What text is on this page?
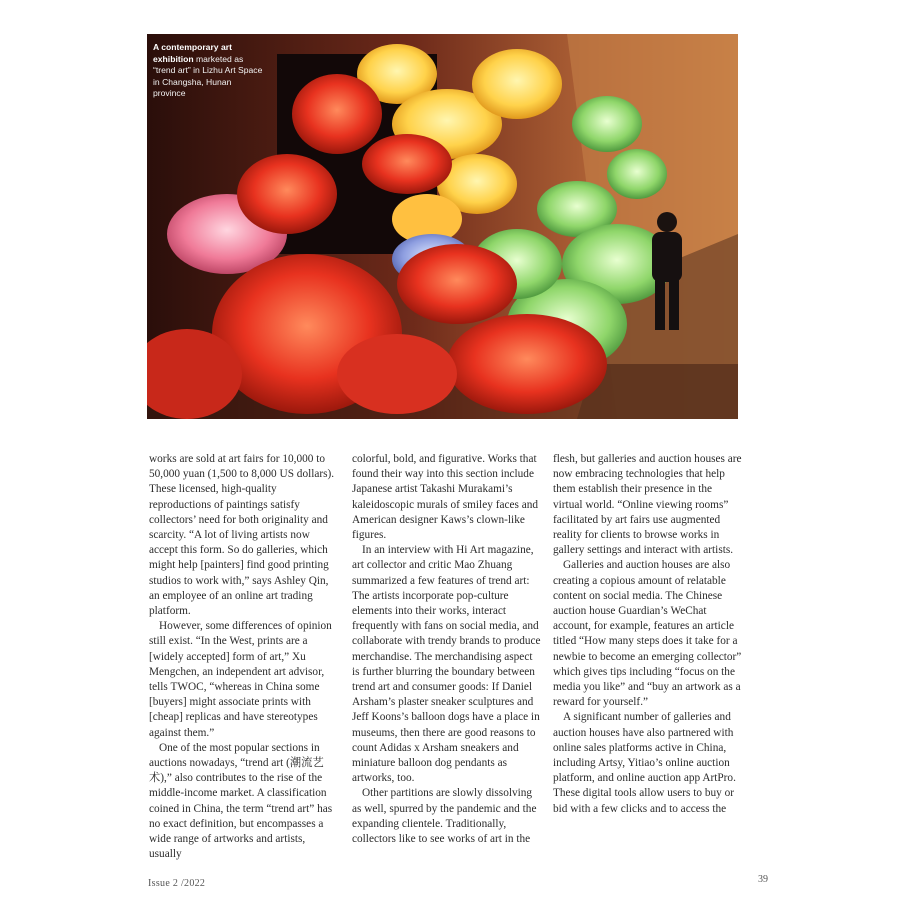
A contemporary art exhibition marketed as “trend art” in Lizhu Art Space in Changsha, Hunan province

works are sold at art fairs for 10,000 to 50,000 yuan (1,500 to 8,000 US dollars). These licensed, high-quality reproductions of paintings satisfy collectors’ need for both originality and scarcity. “A lot of living artists now accept this form. So do galleries, which might help [painters] find good printing studios to work with,” says Ashley Qin, an employee of an online art trading platform.

However, some differences of opinion still exist. “In the West, prints are a [widely accepted] form of art,” Xu Mengchen, an independent art advisor, tells TWOC, “whereas in China some [buyers] might associate prints with [cheap] replicas and have stereotypes against them.”

One of the most popular sections in auctions nowadays, “trend art (潮流艺术),” also contributes to the rise of the middle-income market. A classification coined in China, the term “trend art” has no exact definition, but encompasses a wide range of artworks and artists, usually

colorful, bold, and figurative. Works that found their way into this section include Japanese artist Takashi Murakami’s kaleidoscopic murals of smiley faces and American designer Kaws’s clown-like figures.

In an interview with Hi Art magazine, art collector and critic Mao Zhuang summarized a few features of trend art: The artists incorporate pop-culture elements into their works, interact frequently with fans on social media, and collaborate with trendy brands to produce merchandise. The merchandising aspect is further blurring the boundary between trend art and consumer goods: If Daniel Arsham’s plaster sneaker sculptures and Jeff Koons’s balloon dogs have a place in museums, then there are good reasons to count Adidas x Arsham sneakers and miniature balloon dog pendants as artworks, too.

Other partitions are slowly dissolving as well, spurred by the pandemic and the expanding clientele. Traditionally, collectors like to see works of art in the

flesh, but galleries and auction houses are now embracing technologies that help them establish their presence in the virtual world. “Online viewing rooms” facilitated by art fairs use augmented reality for clients to browse works in gallery settings and interact with artists.

Galleries and auction houses are also creating a copious amount of relatable content on social media. The Chinese auction house Guardian’s WeChat account, for example, features an article titled “How many steps does it take for a newbie to become an emerging collector” which gives tips including “focus on the media you like” and “buy an artwork as a reward for yourself.”

A significant number of galleries and auction houses have also partnered with online sales platforms active in China, including Artsy, Yitiao’s online auction platform, and online auction app ArtPro. These digital tools allow users to buy or bid with a few clicks and to access the

Issue 2 /2022	39
